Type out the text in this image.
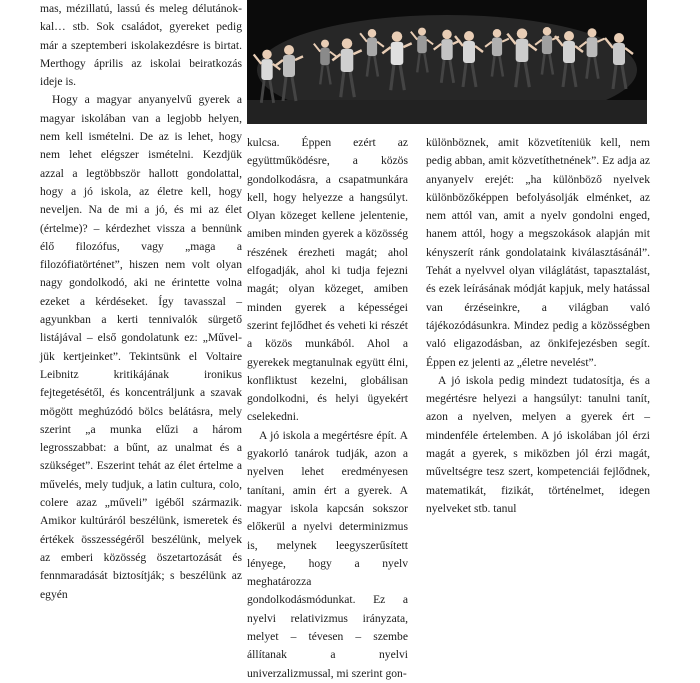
mas, mézillatú, lassú és meleg délutánok-kal… stb. Sok családot, gyereket pedig már a szeptemberi iskolakezdésre is birtat. Merthogy április az iskolai beiratkozás ideje is.

Hogy a magyar anyanyelvű gyerek a magyar iskolában van a legjobb helyen, nem kell ismételni. De az is lehet, hogy nem lehet elégszer ismételni. Kezdjük azzal a legtöbbször hallott gondolattal, hogy a jó iskola, az életre kell, hogy neveljen. Na de mi a jó, és mi az élet (értelme)? – kérdezhet vissza a bennünk élő filozófus, vagy „maga a filozófiatörténet”, hiszen nem volt olyan nagy gondolkodó, aki ne érintette volna ezeket a kérdéseket. Így tavasszal – agyunkban a kerti tennivalók sürgető listájával – első gondolatunk ez: „Művel-jük kertjeinket”. Tekintsünk el Voltaire Leibnitz kritikájának ironikus fejtegetésétől, és koncentráljunk a szavak mögött meghúzódó bölcs belátásra, mely szerint „a munka elűzi a három legrosszabbat: a bűnt, az unalmat és a szükséget”. Eszerint tehát az élet értelme a művelés, mely tudjuk, a latin cultura, colo, colere azaz „műveli” igéből származik. Amikor kultúráról beszélünk, ismeretek és értékek összességéről beszélünk, melyek az emberi közösség öszetartozását és fennmaradását biztosítják; s beszélünk az egyén

kulcsa. Éppen ezért az együttműködésre, a közös gondolkodásra, a csapatmunkára kell, hogy helyezze a hangsúlyt. Olyan közeget kellene jelentenie, amiben minden gyerek a közösség részének érezheti magát; ahol elfogadják, ahol ki tudja fejezni magát; olyan közeget, amiben minden gyerek a képességei szerint fejlődhet és veheti ki részét a közös munkából. Ahol a gyerekek megtanulnak együtt élni, konfliktust kezelni, globálisan gondolkodni, és helyi ügyekért cselekedni.

A jó iskola a megértésre épít. A gyakorló tanárok tudják, azon a nyelven lehet eredményesen tanítani, amin ért a gyerek. A magyar iskola kapcsán sokszor előkerül a nyelvi determinizmus is, melynek leegyszerűsített lényege, hogy a nyelv meghatározza gondolkodásmódunkat. Ez a nyelvi relativizmus irányzata, melyet – tévesen – szembe állítanak a nyelvi univerzalizmussal, mi szerint gon-

különböznek, amit közvetíteniük kell, nem pedig abban, amit közvetíthetnének”. Ez adja az anyanyelv erejét: „ha különböző nyelvek különbözőképpen befolyásolják elménket, az nem attól van, amit a nyelv gondolni enged, hanem attól, hogy a megszokások alapján mit kényszerít ránk gondolataink kiválasztásánál”. Tehát a nyelvvel olyan világlátást, tapasztalást, és ezek leírásának módját kapjuk, mely hatással van érzéseinkre, a világban való tájékozódásunkra. Mindez pedig a közösségben való eligazodásban, az önkifejezésben segít. Éppen ez jelenti az „életre nevelést”.

A jó iskola pedig mindezt tudatosítja, és a megértésre helyezi a hangsúlyt: tanulni tanít, azon a nyelven, melyen a gyerek ért – mindenféle értelemben. A jó iskolában jól érzi magát a gyerek, s miközben jól érzi magát, műveltségre tesz szert, kompetenciái fejlődnek, matematikát, fizikát, történelmet, idegen nyelveket stb. tanul
